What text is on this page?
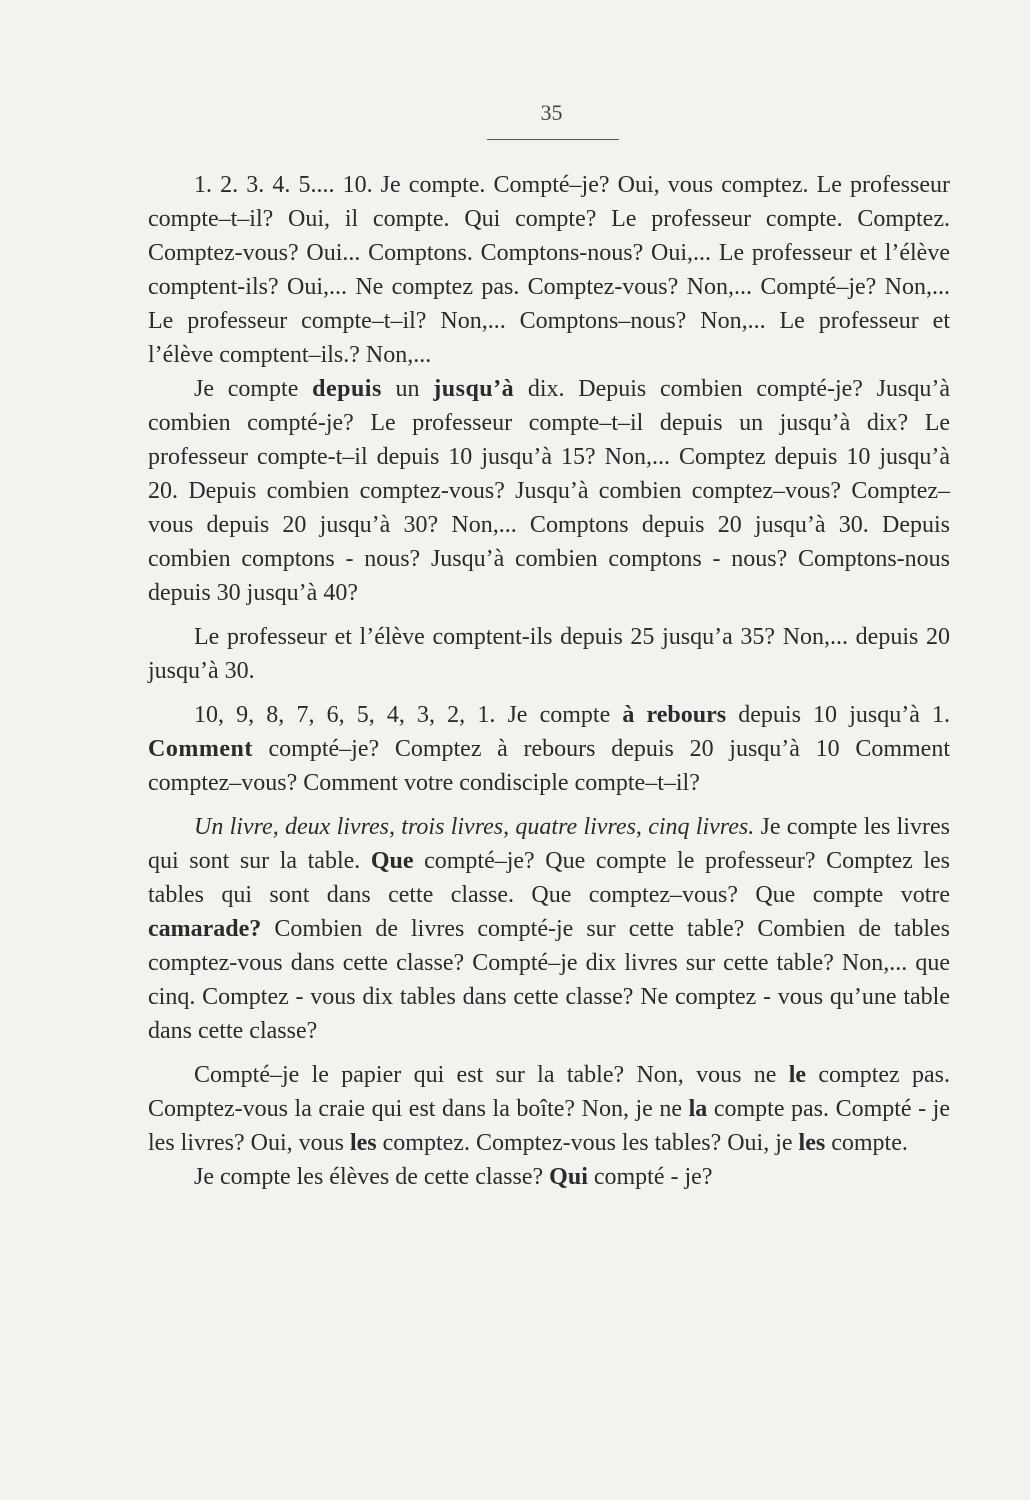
35

1. 2. 3. 4. 5.... 10. Je compte. Compté–je? Oui, vous comptez. Le professeur compte–t–il? Oui, il compte. Qui compte? Le professeur compte. Comptez. Comptez-vous? Oui... Comptons. Comptons-nous? Oui,... Le professeur et l’élève comptent-ils? Oui,... Ne comptez pas. Comptez-vous? Non,... Compté–je? Non,... Le professeur compte–t–il? Non,... Comptons–nous? Non,... Le professeur et l’élève comptent–ils.? Non,...

Je compte depuis un jusqu’à dix. Depuis combien compté-je? Jusqu’à combien compté-je? Le professeur compte–t–il depuis un jusqu’à dix? Le professeur compte-t–il depuis 10 jusqu’à 15? Non,... Comptez depuis 10 jusqu’à 20. Depuis combien comptez-vous? Jusqu’à combien comptez–vous? Comptez–vous depuis 20 jusqu’à 30? Non,... Comptons depuis 20 jusqu’à 30. Depuis combien comptons - nous? Jusqu’à combien comptons - nous? Comptons-nous depuis 30 jusqu’à 40?

Le professeur et l’élève comptent-ils depuis 25 jusqu’a 35? Non,... depuis 20 jusqu’à 30.

10, 9, 8, 7, 6, 5, 4, 3, 2, 1. Je compte à rebours depuis 10 jusqu’à 1. Comment compté–je? Comptez à rebours depuis 20 jusqu’à 10 Comment comptez–vous? Comment votre condisciple compte–t–il?

Un livre, deux livres, trois livres, quatre livres, cinq livres. Je compte les livres qui sont sur la table. Que compté–je? Que compte le professeur? Comptez les tables qui sont dans cette classe. Que comptez–vous? Que compte votre camarade? Combien de livres compté-je sur cette table? Combien de tables comptez-vous dans cette classe? Compté–je dix livres sur cette table? Non,... que cinq. Comptez - vous dix tables dans cette classe? Ne comptez - vous qu’une table dans cette classe?

Compté–je le papier qui est sur la table? Non, vous ne le comptez pas. Comptez-vous la craie qui est dans la boîte? Non, je ne la compte pas. Compté - je les livres? Oui, vous les comptez. Comptez-vous les tables? Oui, je les compte.

Je compte les élèves de cette classe? Qui compté - je?
